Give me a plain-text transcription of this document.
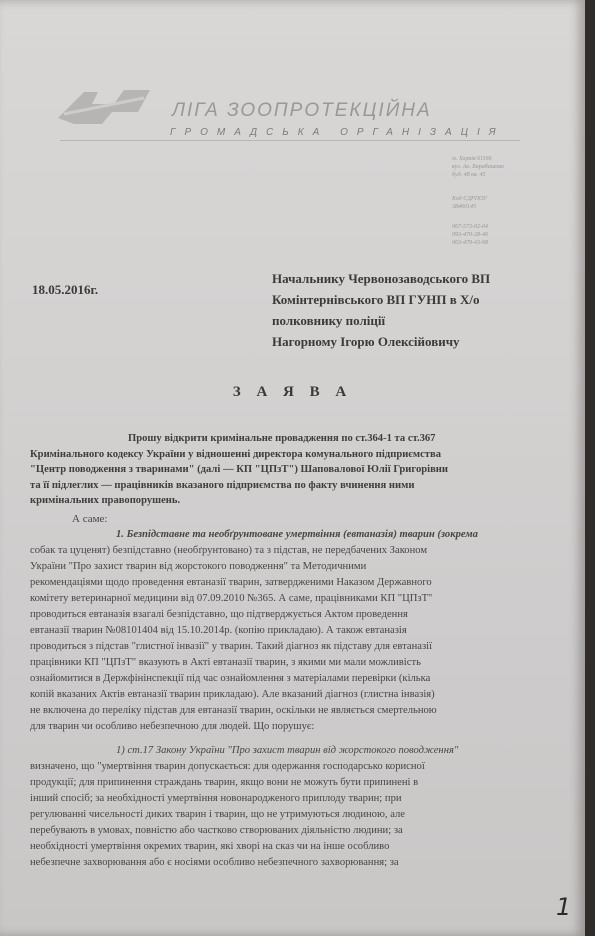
ЛІГА ЗООПРОТЕКЦІЙНА
ГРОМАДСЬКА ОРГАНІЗАЦІЯ
м. Харків 61166
вул. Ак. Барабашова
буд. 48 кв. 45
Код ЄДРПОУ
38460145
067-573-02-04
093-470-28-46
063-479-43-98
18.05.2016г.
Начальнику Червонозаводського ВП
Комінтернівського ВП ГУНП в Х/о
полковнику поліції
Нагорному Ігорю Олексійовичу
З А Я В А
Прошу відкрити кримінальне провадження по ст.364-1 та ст.367
Кримінального кодексу України у відношенні директора комунального підприємства
"Центр поводження з тваринами" (далі — КП "ЦПзТ") Шаповалової Юлії Григорівни
та її підлеглих — працівників вказаного підприємства по факту вчинення ними
кримінальних правопорушень.
А саме:
1. Безпідставне та необґрунтоване умертвіння (евтаназія) тварин (зокрема
собак та цуценят) безпідставно (необґрунтовано) та з підстав, не передбачених Законом
України "Про захист тварин від жорстокого поводження" та Методичними
рекомендаціями щодо проведення евтаназії тварин, затвердженими Наказом Державного
комітету ветеринарної медицини від 07.09.2010 №365. А саме, працівниками КП "ЦПзТ"
проводиться евтаназія взагалі безпідставно, що підтверджується Актом проведення
евтаназії тварин №08101404 від 15.10.2014р. (копію прикладаю). А також евтаназія
проводиться з підстав "глистної інвазії" у тварин. Такий діагноз як підставу для евтаназії
працівники КП "ЦПзТ" вказують в Акті евтаназії тварин, з якими ми мали можливість
ознайомитися в Держфінінспекції під час ознайомлення з матеріалами перевірки (кілька
копій вказаних Актів евтаназії тварин прикладаю). Але вказаний діагноз (глистна інвазія)
не включена до переліку підстав для евтаназії тварин, оскільки не являється смертельною
для тварин чи особливо небезпечною для людей. Що порушує:
1) ст.17 Закону України "Про захист тварин від жорстокого поводження"
визначено, що "умертвіння тварин допускається: для одержання господарсько корисної
продукції; для припинення страждань тварин, якщо вони не можуть бути припинені в
інший спосіб; за необхідності умертвіння новонародженого приплоду тварин; при
регулюванні чисельності диких тварин і тварин, що не утримуються людиною, але
перебувають в умовах, повністю або частково створюваних діяльністю людини; за
необхідності умертвіння окремих тварин, які хворі на сказ чи на інше особливо
небезпечне захворювання або є носіями особливо небезпечного захворювання; за
1
